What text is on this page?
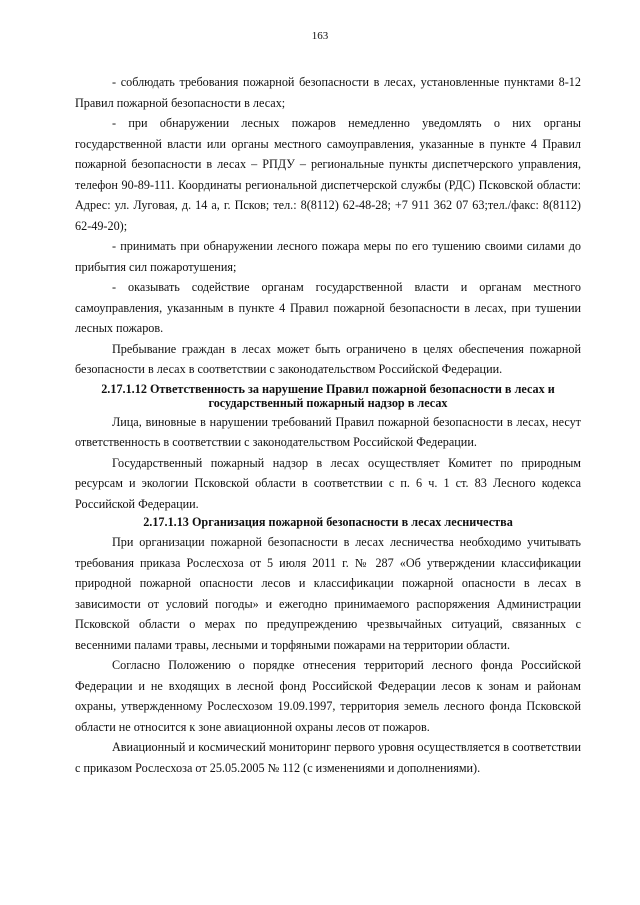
163

- соблюдать требования пожарной безопасности в лесах, установленные пунктами 8-12 Правил пожарной безопасности в лесах;

- при обнаружении лесных пожаров немедленно уведомлять о них органы государственной власти или органы местного самоуправления, указанные в пункте 4 Правил пожарной безопасности в лесах – РПДУ – региональные пункты диспетчерского управления, телефон 90-89-111. Координаты региональной диспетчерской службы (РДС) Псковской области: Адрес: ул. Луговая, д. 14 а, г. Псков; тел.: 8(8112) 62-48-28; +7 911 362 07 63;тел./факс: 8(8112) 62-49-20);

- принимать при обнаружении лесного пожара меры по его тушению своими силами до прибытия сил пожаротушения;

- оказывать содействие органам государственной власти и органам местного самоуправления, указанным в пункте 4 Правил пожарной безопасности в лесах, при тушении лесных пожаров.

Пребывание граждан в лесах может быть ограничено в целях обеспечения пожарной безопасности в лесах в соответствии с законодательством Российской Федерации.

2.17.1.12 Ответственность за нарушение Правил пожарной безопасности в лесах и государственный пожарный надзор в лесах

Лица, виновные в нарушении требований Правил пожарной безопасности в лесах, несут ответственность в соответствии с законодательством Российской Федерации.

Государственный пожарный надзор в лесах осуществляет Комитет по природным ресурсам и экологии Псковской области в соответствии с п. 6 ч. 1 ст. 83 Лесного кодекса Российской Федерации.

2.17.1.13 Организация пожарной безопасности в лесах лесничества

При организации пожарной безопасности в лесах лесничества необходимо учитывать требования приказа Рослесхоза от 5 июля 2011 г. № 287 «Об утверждении классификации природной пожарной опасности лесов и классификации пожарной опасности в лесах в зависимости от условий погоды» и ежегодно принимаемого распоряжения Администрации Псковской области о мерах по предупреждению чрезвычайных ситуаций, связанных с весенними палами травы, лесными и торфяными пожарами на территории области.

Согласно Положению о порядке отнесения территорий лесного фонда Российской Федерации и не входящих в лесной фонд Российской Федерации лесов к зонам и районам охраны, утвержденному Рослесхозом 19.09.1997, территория земель лесного фонда Псковской области не относится к зоне авиационной охраны лесов от пожаров.

Авиационный и космический мониторинг первого уровня осуществляется в соответствии с приказом Рослесхоза от 25.05.2005 № 112 (с изменениями и дополнениями).
